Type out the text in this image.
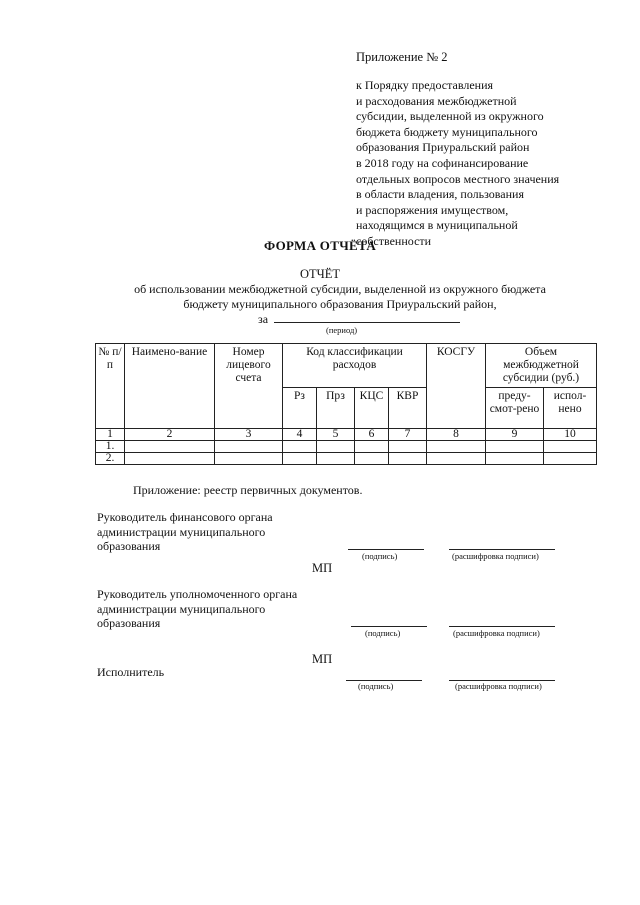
Приложение № 2
к Порядку предоставления
и расходования межбюджетной
субсидии, выделенной из окружного
бюджета бюджету муниципального
образования Приуральский район
в 2018 году на софинансирование
отдельных вопросов местного значения
в области владения, пользования
и распоряжения имуществом,
находящимся в муниципальной
собственности
ФОРМА ОТЧЁТА
ОТЧЁТ
об использовании межбюджетной субсидии, выделенной из окружного бюджета
бюджету муниципального образования Приуральский район,
за
(период)
№ п/п	Наимено-вание	Номер лицевого счета	Код классификации расходов				КОСГУ	Объем межбюджетной субсидии (руб.)	
			Рз	Прз	КЦС	КВР		преду-смот-рено	испол-нено
1	2	3	4	5	6	7	8	9	10
1.									
2.									
Приложение: реестр первичных документов.
Руководитель финансового органа
администрации муниципального
образования
(подпись)	(расшифровка подписи)
МП
Руководитель уполномоченного органа
администрации муниципального
образования
(подпись)	(расшифровка подписи)
МП
Исполнитель
(подпись)	(расшифровка подписи)
